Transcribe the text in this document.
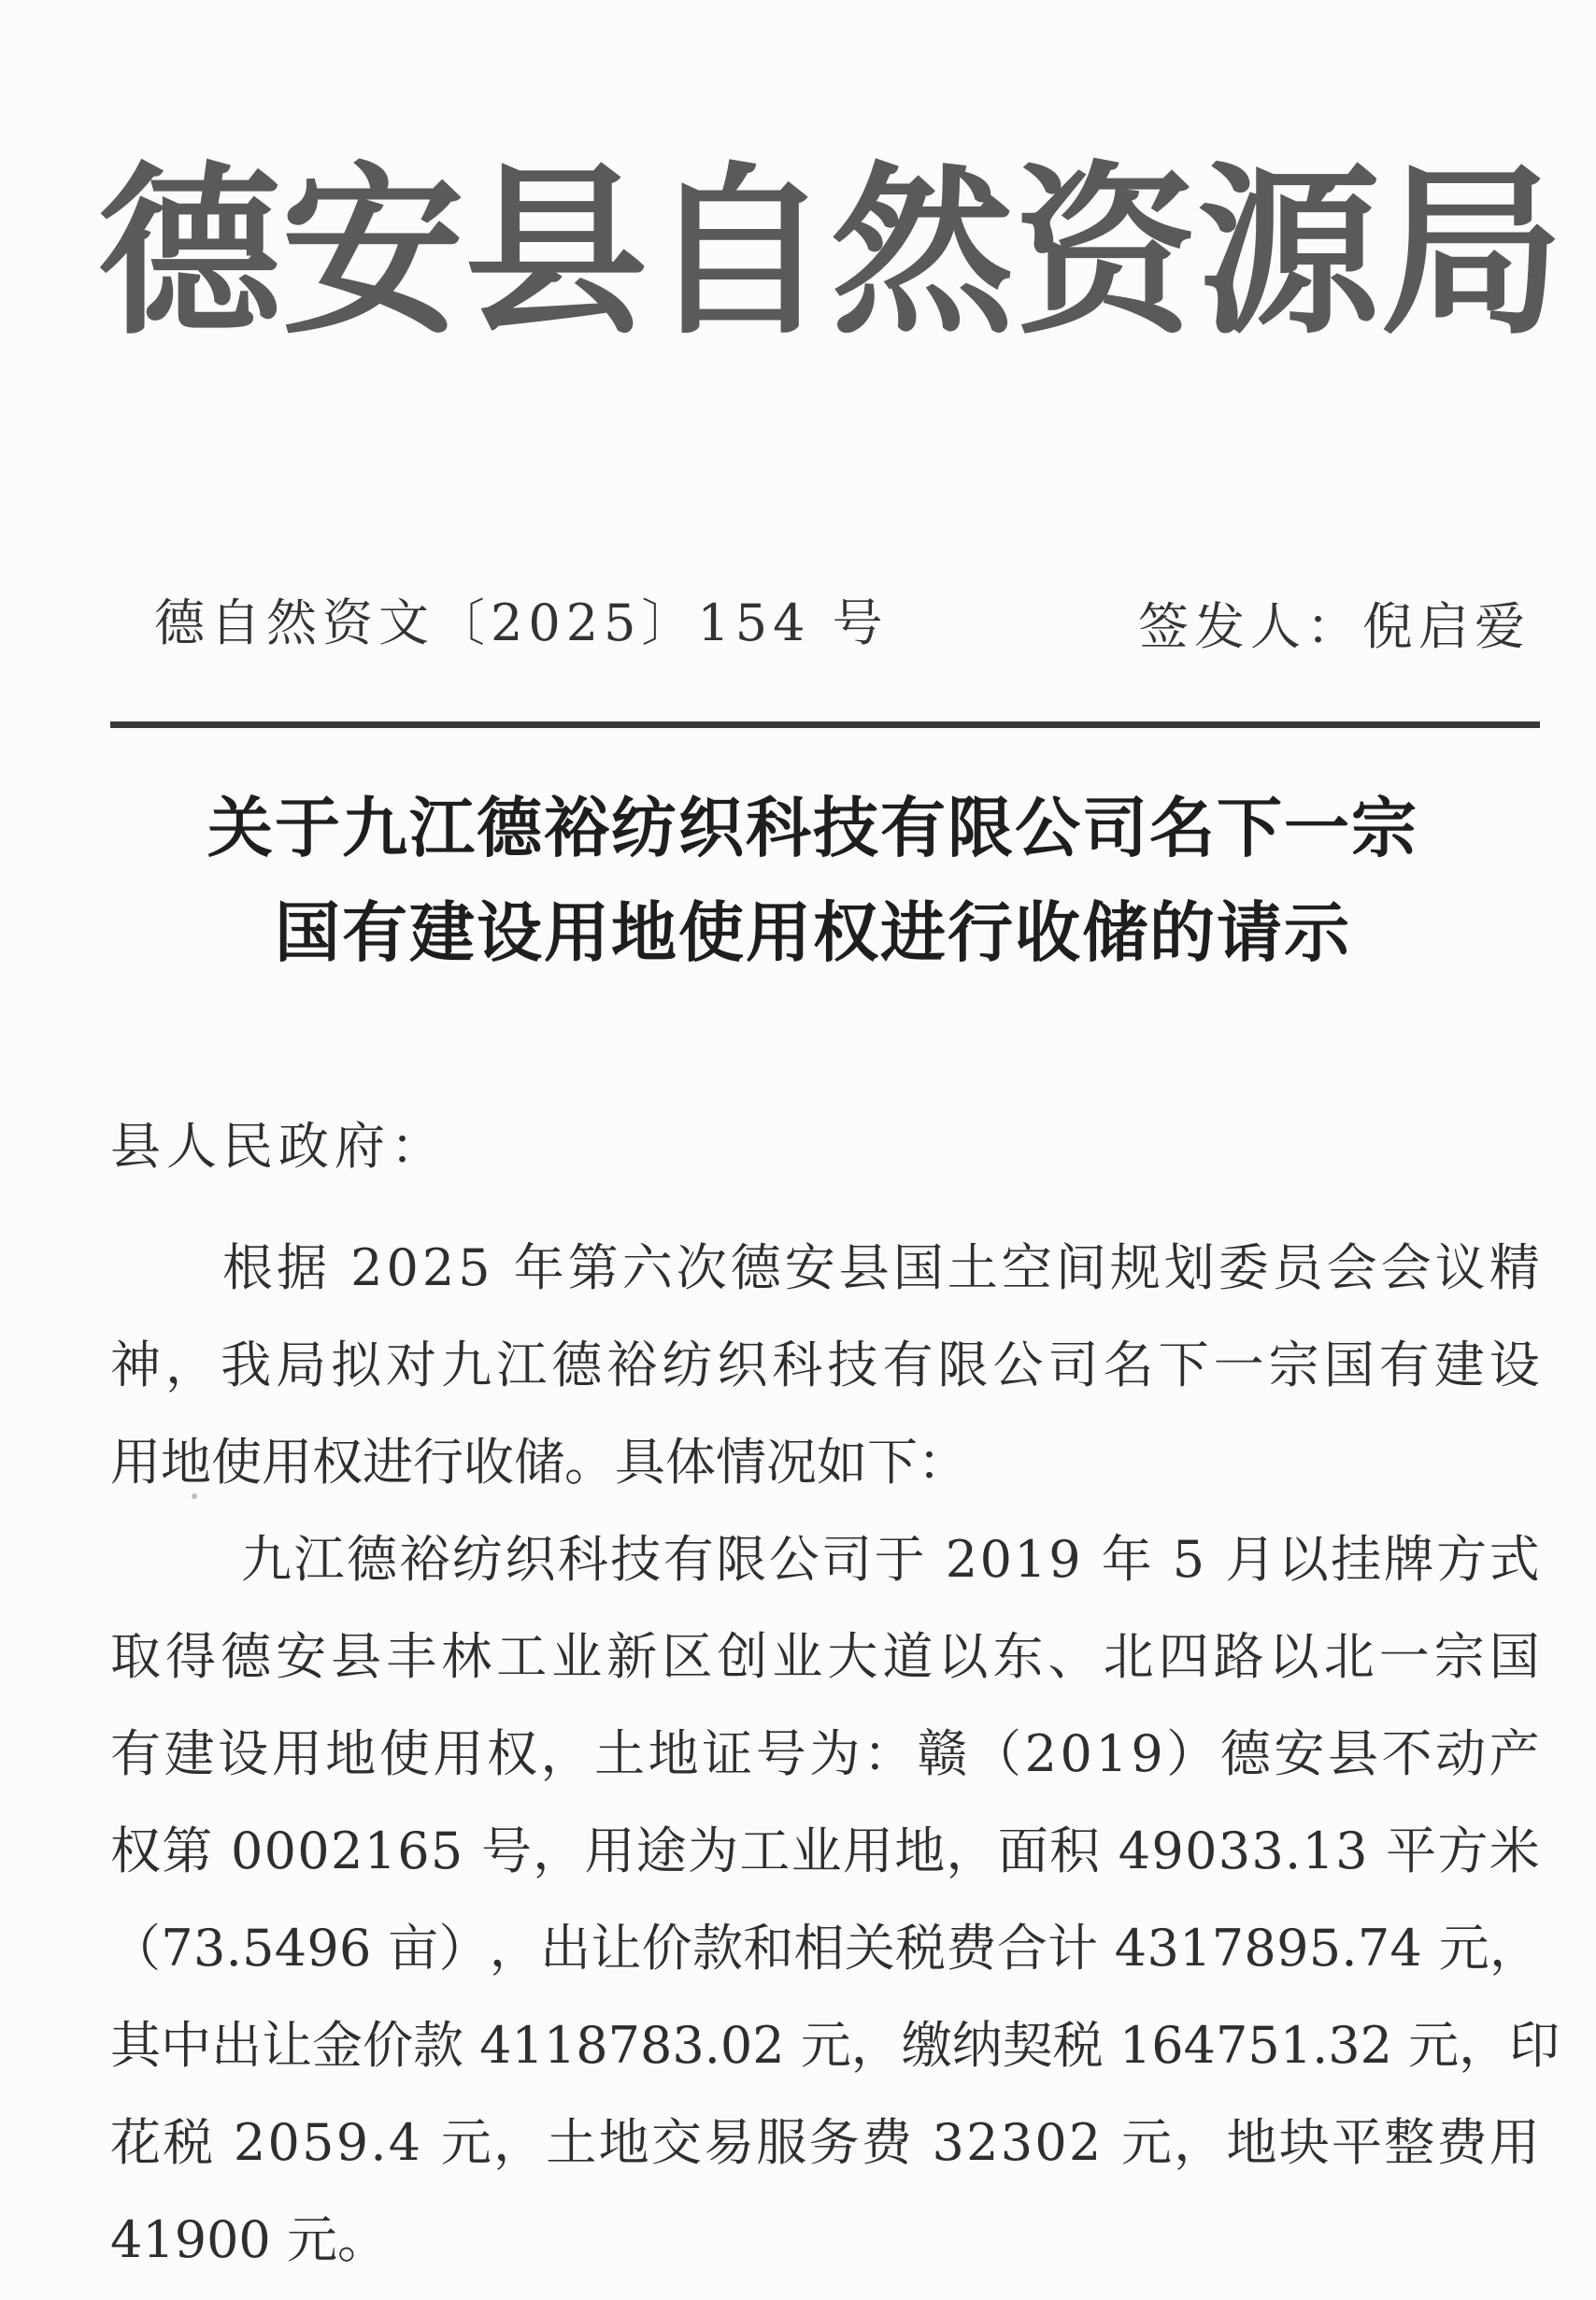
德 安 县 自 然 资 源 局
德自然资文〔2025〕154 号	签发人：倪启爱
关于九江德裕纺织科技有限公司名下一宗
国有建设用地使用权进行收储的请示
县人民政府：
根 据
2 0 2 5
年 第 六 次 德 安 县 国 土 空 间 规 划 委 员 会 会 议 精
神 ， 我 局 拟 对 九 江 德 裕 纺 织 科 技 有 限 公 司 名 下 一 宗 国 有 建 设
用地使用权进行收储。具体情况如下：
九 江 德 裕 纺 织 科 技 有 限 公 司 于
2 0 1 9
年
5
月 以 挂 牌 方 式
取 得 德 安 县 丰 林 工 业 新 区 创 业 大 道 以 东 、 北 四 路 以 北 一 宗 国
有 建 设 用 地 使 用 权 ， 土 地 证 号 为 ： 赣 （ 2 0 1 9 ） 德 安 县 不 动 产
权 第
0 0 0 2 1 6 5
号 ， 用 途 为 工 业 用 地 ， 面 积
4 9 0 3 3 . 1 3
平 方 米
（ 7 3 . 5 4 9 6
亩 ） ， 出 让 价 款 和 相 关 税 费 合 计
4 3 1 7 8 9 5 . 7 4
元 ，
其 中 出 让 金 价 款
4 1 1 8 7 8 3 . 0 2
元 ， 缴 纳 契 税
1 6 4 7 5 1 . 3 2
元 ， 印
花 税
2 0 5 9 . 4
元 ， 土 地 交 易 服 务 费
3 2 3 0 2
元 ， 地 块 平 整 费 用
41900 元。
